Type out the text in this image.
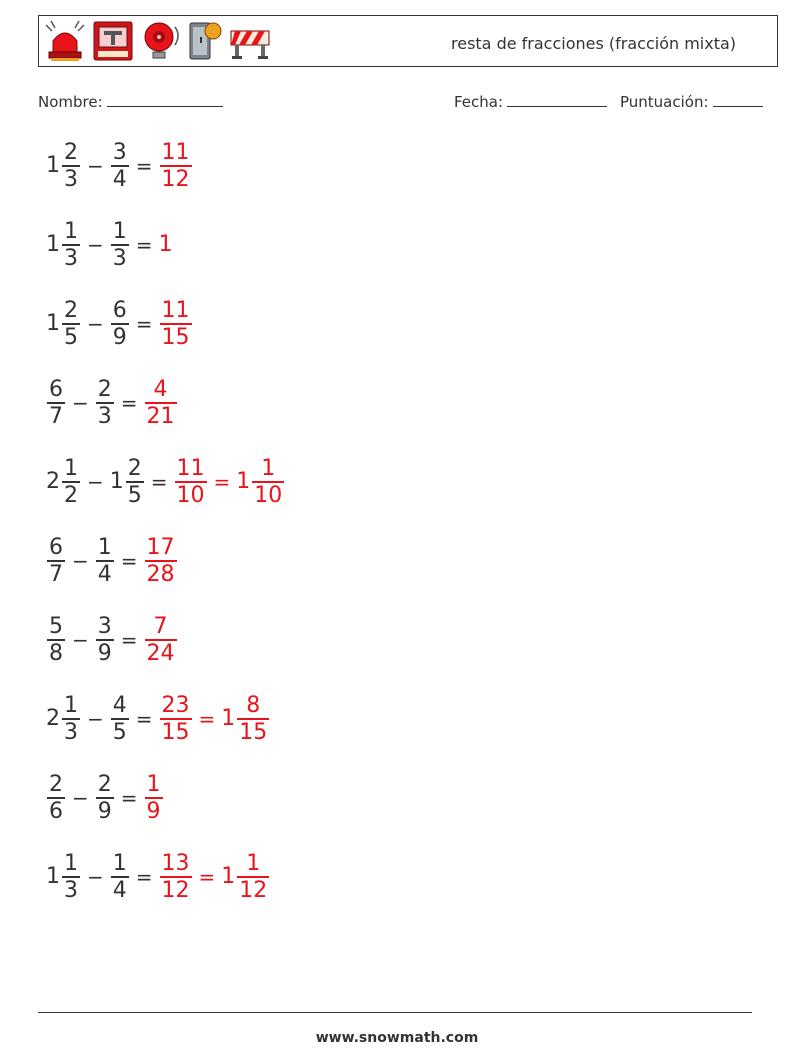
resta de fracciones (fracción mixta)
Nombre:	Fecha:	Puntuación:
$1 \frac{2}{3} - \frac{3}{4} = \frac{11}{12}$
$1 \frac{1}{3} - \frac{1}{3} = 1$
$1 \frac{2}{5} - \frac{6}{9} = \frac{11}{15}$
$\frac{6}{7} - \frac{2}{3} = \frac{4}{21}$
$2 \frac{1}{2} - 1 \frac{2}{5} = \frac{11}{10} = 1 \frac{1}{10}$
$\frac{6}{7} - \frac{1}{4} = \frac{17}{28}$
$\frac{5}{8} - \frac{3}{9} = \frac{7}{24}$
$2 \frac{1}{3} - \frac{4}{5} = \frac{23}{15} = 1 \frac{8}{15}$
$\frac{2}{6} - \frac{2}{9} = \frac{1}{9}$
$1 \frac{1}{3} - \frac{1}{4} = \frac{13}{12} = 1 \frac{1}{12}$
www.snowmath.com
